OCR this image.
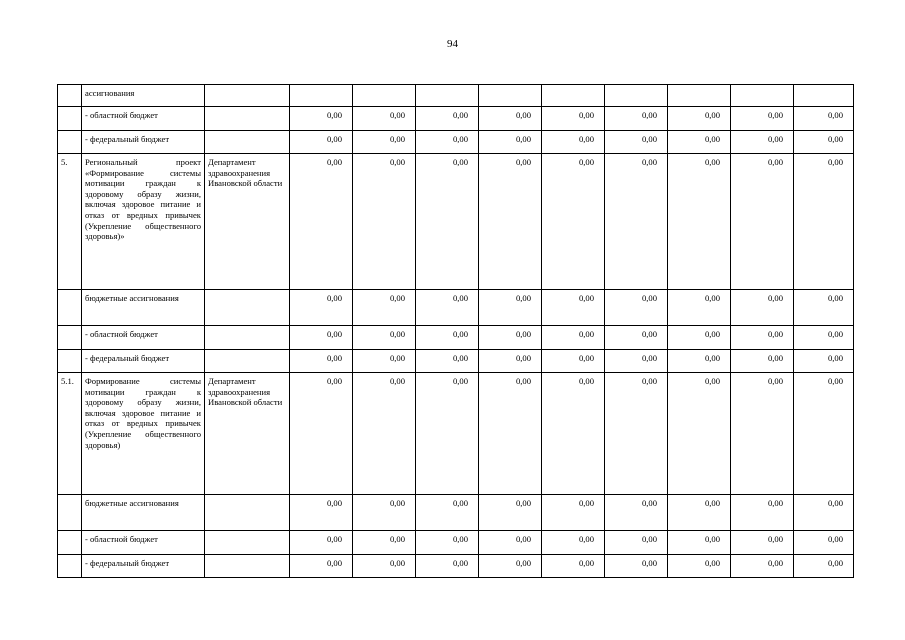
94
	ассигнования										
	- областной бюджет		0,00	0,00	0,00	0,00	0,00	0,00	0,00	0,00	0,00
	- федеральный бюджет		0,00	0,00	0,00	0,00	0,00	0,00	0,00	0,00	0,00
5.	Региональный проект «Формирование системы мотивации граждан к здоровому образу жизни, включая здоровое питание и отказ от вредных привычек (Укрепление общественного здоровья)»	Департамент здравоохранения Ивановской области	0,00	0,00	0,00	0,00	0,00	0,00	0,00	0,00	0,00
	бюджетные ассигнования		0,00	0,00	0,00	0,00	0,00	0,00	0,00	0,00	0,00
	- областной бюджет		0,00	0,00	0,00	0,00	0,00	0,00	0,00	0,00	0,00
	- федеральный бюджет		0,00	0,00	0,00	0,00	0,00	0,00	0,00	0,00	0,00
5.1.	Формирование системы мотивации граждан к здоровому образу жизни, включая здоровое питание и отказ от вредных привычек (Укрепление общественного здоровья)	Департамент здравоохранения Ивановской области	0,00	0,00	0,00	0,00	0,00	0,00	0,00	0,00	0,00
	бюджетные ассигнования		0,00	0,00	0,00	0,00	0,00	0,00	0,00	0,00	0,00
	- областной бюджет		0,00	0,00	0,00	0,00	0,00	0,00	0,00	0,00	0,00
	- федеральный бюджет		0,00	0,00	0,00	0,00	0,00	0,00	0,00	0,00	0,00
